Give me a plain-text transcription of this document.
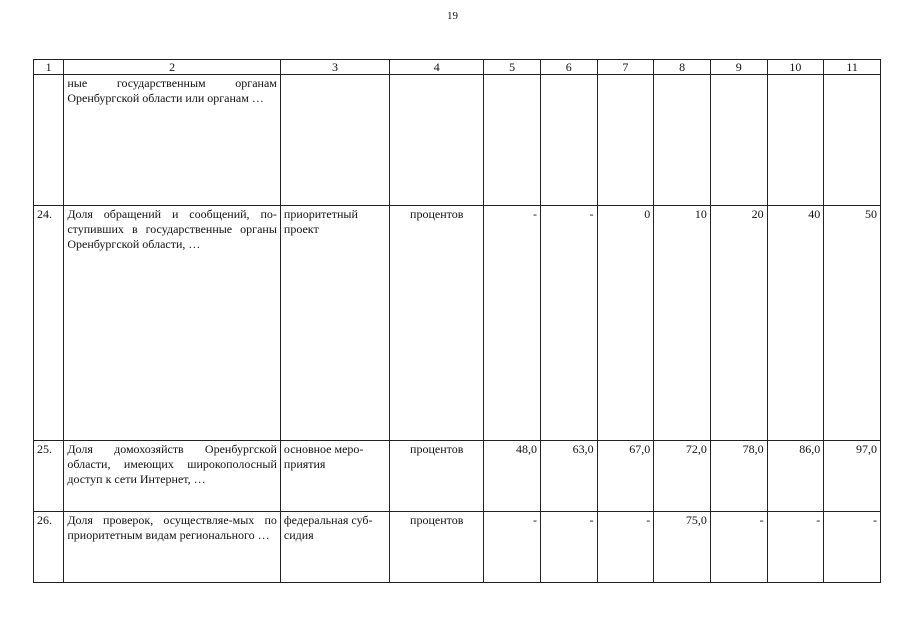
19
1	2	3	4	5	6	7	8	9	10	11
	ные государственным органам Оренбургской области или органам …									
24.	Доля обращений и сообщений, поступивших в государственные органы Оренбургской области, …	приоритетный проект	процентов	-	-	0	10	20	40	50
25.	Доля домохозяйств Оренбургской области, имеющих широкополосный доступ к сети Интернет, …	основное мероприятия	процентов	48,0	63,0	67,0	72,0	78,0	86,0	97,0
26.	Доля проверок, осуществляе-мых по приоритетным видам регионального …	федеральная субсидия	процентов	-	-	-	75,0	-	-	-
